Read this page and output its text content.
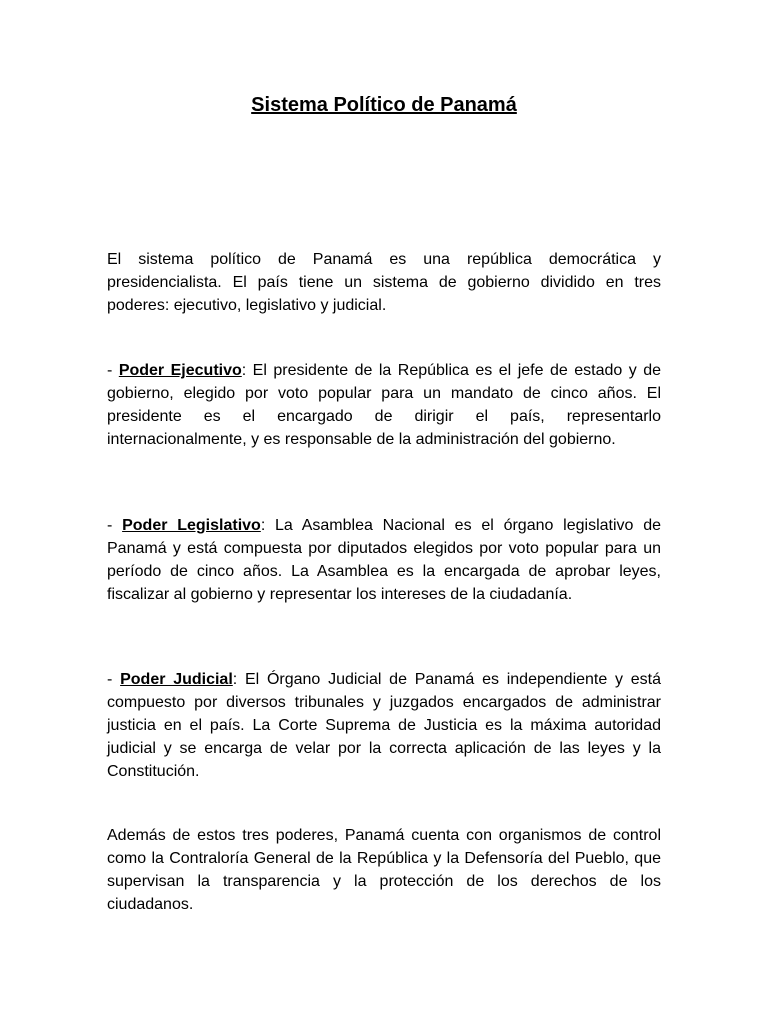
Sistema Político de Panamá

El sistema político de Panamá es una república democrática y presidencialista. El país tiene un sistema de gobierno dividido en tres poderes: ejecutivo, legislativo y judicial.

- Poder Ejecutivo: El presidente de la República es el jefe de estado y de gobierno, elegido por voto popular para un mandato de cinco años. El presidente es el encargado de dirigir el país, representarlo internacionalmente, y es responsable de la administración del gobierno.

- Poder Legislativo: La Asamblea Nacional es el órgano legislativo de Panamá y está compuesta por diputados elegidos por voto popular para un período de cinco años. La Asamblea es la encargada de aprobar leyes, fiscalizar al gobierno y representar los intereses de la ciudadanía.

- Poder Judicial: El Órgano Judicial de Panamá es independiente y está compuesto por diversos tribunales y juzgados encargados de administrar justicia en el país. La Corte Suprema de Justicia es la máxima autoridad judicial y se encarga de velar por la correcta aplicación de las leyes y la Constitución.

Además de estos tres poderes, Panamá cuenta con organismos de control como la Contraloría General de la República y la Defensoría del Pueblo, que supervisan la transparencia y la protección de los derechos de los ciudadanos.
